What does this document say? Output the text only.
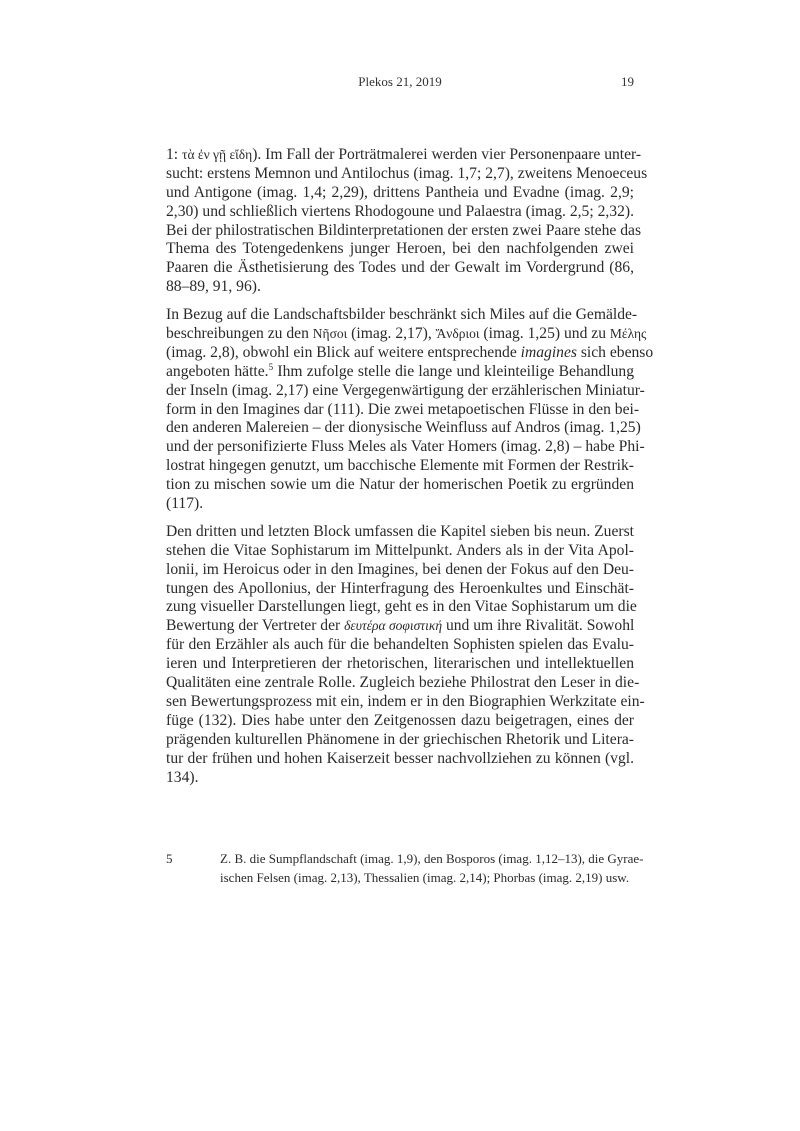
Plekos 21, 2019	19
1: τὰ ἐν γῇ εἴδη). Im Fall der Porträtmalerei werden vier Personenpaare unter-
sucht: erstens Memnon und Antilochus (imag. 1,7; 2,7), zweitens Menoeceus
und Antigone (imag. 1,4; 2,29), drittens Pantheia und Evadne (imag. 2,9;
2,30) und schließlich viertens Rhodogoune und Palaestra (imag. 2,5; 2,32).
Bei der philostratischen Bildinterpretationen der ersten zwei Paare stehe das
Thema des Totengedenkens junger Heroen, bei den nachfolgenden zwei
Paaren die Ästhetisierung des Todes und der Gewalt im Vordergrund (86,
88–89, 91, 96).
In Bezug auf die Landschaftsbilder beschränkt sich Miles auf die Gemälde-
beschreibungen zu den Νῆσοι (imag. 2,17), Ἄνδριοι (imag. 1,25) und zu Μέλης
(imag. 2,8), obwohl ein Blick auf weitere entsprechende imagines sich ebenso
angeboten hätte.$^5$ Ihm zufolge stelle die lange und kleinteilige Behandlung
der Inseln (imag. 2,17) eine Vergegenwärtigung der erzählerischen Miniatur-
form in den Imagines dar (111). Die zwei metapoetischen Flüsse in den bei-
den anderen Malereien – der dionysische Weinfluss auf Andros (imag. 1,25)
und der personifizierte Fluss Meles als Vater Homers (imag. 2,8) – habe Phi-
lostrat hingegen genutzt, um bacchische Elemente mit Formen der Restrik-
tion zu mischen sowie um die Natur der homerischen Poetik zu ergründen
(117).
Den dritten und letzten Block umfassen die Kapitel sieben bis neun. Zuerst
stehen die Vitae Sophistarum im Mittelpunkt. Anders als in der Vita Apol-
lonii, im Heroicus oder in den Imagines, bei denen der Fokus auf den Deu-
tungen des Apollonius, der Hinterfragung des Heroenkultes und Einschät-
zung visueller Darstellungen liegt, geht es in den Vitae Sophistarum um die
Bewertung der Vertreter der δευτέρα σοφιστική und um ihre Rivalität. Sowohl
für den Erzähler als auch für die behandelten Sophisten spielen das Evalu-
ieren und Interpretieren der rhetorischen, literarischen und intellektuellen
Qualitäten eine zentrale Rolle. Zugleich beziehe Philostrat den Leser in die-
sen Bewertungsprozess mit ein, indem er in den Biographien Werkzitate ein-
füge (132). Dies habe unter den Zeitgenossen dazu beigetragen, eines der
prägenden kulturellen Phänomene in der griechischen Rhetorik und Litera-
tur der frühen und hohen Kaiserzeit besser nachvollziehen zu können (vgl.
134).
5	Z. B. die Sumpflandschaft (imag. 1,9), den Bosporos (imag. 1,12–13), die Gyrae-
ischen Felsen (imag. 2,13), Thessalien (imag. 2,14); Phorbas (imag. 2,19) usw.
